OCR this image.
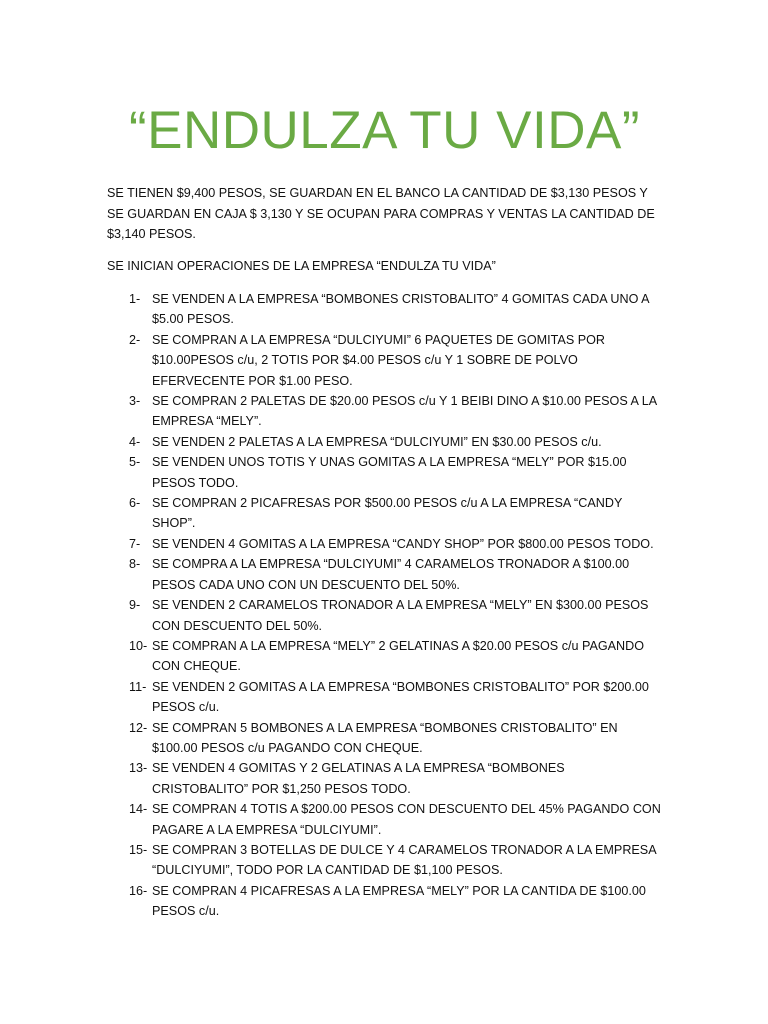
“ENDULZA TU VIDA”

SE TIENEN $9,400 PESOS, SE GUARDAN EN EL BANCO LA CANTIDAD DE $3,130 PESOS Y SE GUARDAN EN CAJA $ 3,130 Y SE OCUPAN PARA COMPRAS Y VENTAS LA CANTIDAD DE $3,140 PESOS.

SE INICIAN OPERACIONES DE LA EMPRESA “ENDULZA TU VIDA”

1- SE VENDEN A LA EMPRESA “BOMBONES CRISTOBALITO” 4 GOMITAS CADA UNO A $5.00 PESOS.
2- SE COMPRAN A LA EMPRESA “DULCIYUMI” 6 PAQUETES DE GOMITAS POR $10.00PESOS c/u, 2 TOTIS POR $4.00 PESOS c/u Y 1 SOBRE DE POLVO EFERVECENTE POR $1.00 PESO.
3- SE COMPRAN 2 PALETAS DE $20.00 PESOS c/u Y 1 BEIBI DINO A $10.00 PESOS A LA EMPRESA “MELY”.
4- SE VENDEN 2 PALETAS A LA EMPRESA “DULCIYUMI” EN $30.00 PESOS c/u.
5- SE VENDEN UNOS TOTIS Y UNAS GOMITAS A LA EMPRESA “MELY” POR $15.00 PESOS TODO.
6- SE COMPRAN 2 PICAFRESAS POR $500.00 PESOS c/u A LA EMPRESA “CANDY SHOP”.
7- SE VENDEN 4 GOMITAS A LA EMPRESA “CANDY SHOP” POR $800.00 PESOS TODO.
8- SE COMPRA A LA EMPRESA “DULCIYUMI” 4 CARAMELOS TRONADOR A $100.00 PESOS CADA UNO CON UN DESCUENTO DEL 50%.
9- SE VENDEN 2 CARAMELOS TRONADOR A LA EMPRESA “MELY” EN $300.00 PESOS CON DESCUENTO DEL 50%.
10- SE COMPRAN A LA EMPRESA “MELY” 2 GELATINAS A $20.00 PESOS c/u PAGANDO CON CHEQUE.
11- SE VENDEN 2 GOMITAS A LA EMPRESA “BOMBONES CRISTOBALITO” POR $200.00 PESOS c/u.
12- SE COMPRAN 5 BOMBONES A LA EMPRESA “BOMBONES CRISTOBALITO” EN $100.00 PESOS c/u PAGANDO CON CHEQUE.
13- SE VENDEN 4 GOMITAS Y 2 GELATINAS A LA EMPRESA “BOMBONES CRISTOBALITO” POR $1,250 PESOS TODO.
14- SE COMPRAN 4 TOTIS A $200.00 PESOS CON DESCUENTO DEL 45% PAGANDO CON PAGARE A LA EMPRESA “DULCIYUMI”.
15- SE COMPRAN 3 BOTELLAS DE DULCE Y 4 CARAMELOS TRONADOR A LA EMPRESA “DULCIYUMI”, TODO POR LA CANTIDAD DE $1,100 PESOS.
16- SE COMPRAN 4 PICAFRESAS A LA EMPRESA “MELY” POR LA CANTIDA DE $100.00 PESOS c/u.
